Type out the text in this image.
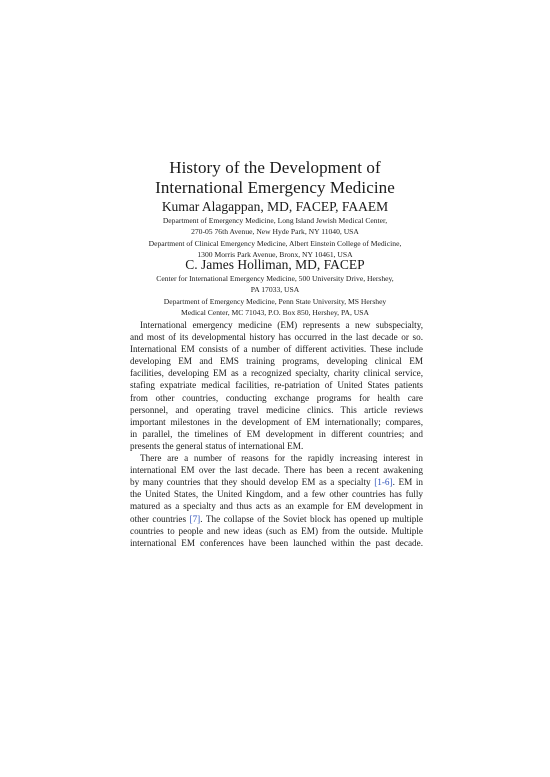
History of the Development of
International Emergency Medicine
Kumar Alagappan, MD, FACEP, FAAEM
Department of Emergency Medicine, Long Island Jewish Medical Center,
270-05 76th Avenue, New Hyde Park, NY 11040, USA
Department of Clinical Emergency Medicine, Albert Einstein College of Medicine,
1300 Morris Park Avenue, Bronx, NY 10461, USA
C. James Holliman, MD, FACEP
Center for International Emergency Medicine, 500 University Drive, Hershey,
PA 17033, USA
Department of Emergency Medicine, Penn State University, MS Hershey
Medical Center, MC 71043, P.O. Box 850, Hershey, PA, USA
International emergency medicine (EM) represents a new subspecialty,
and most of its developmental history has occurred in the last decade or so.
International EM consists of a number of different activities. These include
developing EM and EMS training programs, developing clinical EM
facilities, developing EM as a recognized specialty, charity clinical service,
stafing expatriate medical facilities, re-patriation of United States patients
from other countries, conducting exchange programs for health care
personnel, and operating travel medicine clinics. This article reviews
important milestones in the development of EM internationally; compares,
in parallel, the timelines of EM development in different countries; and
presents the general status of international EM.
There are a number of reasons for the rapidly increasing interest in
international EM over the last decade. There has been a recent awakening
by many countries that they should develop EM as a specialty [1-6]. EM in
the United States, the United Kingdom, and a few other countries has fully
matured as a specialty and thus acts as an example for EM development in
other countries [7]. The collapse of the Soviet block has opened up multiple
countries to people and new ideas (such as EM) from the outside. Multiple
international EM conferences have been launched within the past decade.
